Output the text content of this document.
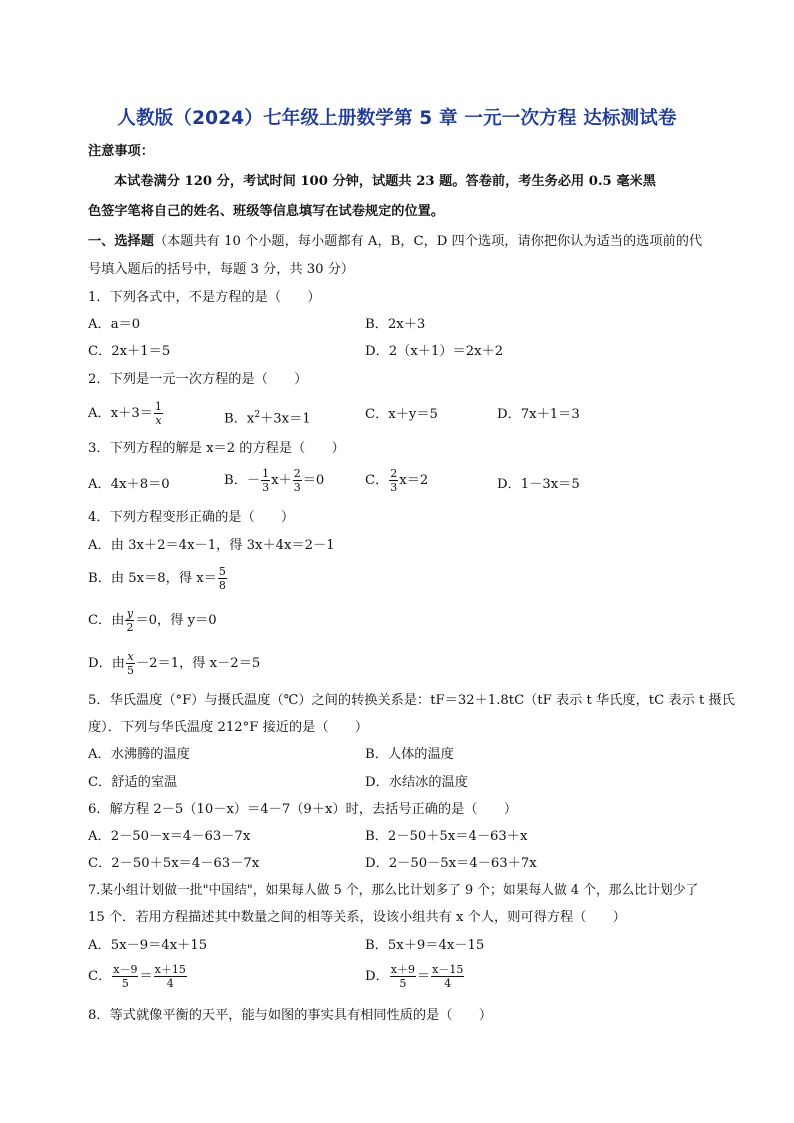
人教版（2024）七年级上册数学第 5 章 一元一次方程 达标测试卷
注意事项：
本试卷满分 120 分，考试时间 100 分钟，试题共 23 题。答卷前，考生务必用 0.5 毫米黑
色签字笔将自己的姓名、班级等信息填写在试卷规定的位置。
一、选择题（本题共有 10 个小题，每小题都有 A，B，C，D 四个选项，请你把你认为适当的选项前的代
号填入题后的括号中，每题 3 分，共 30 分）
1．下列各式中，不是方程的是（　　）
A．a＝0	B．2x＋3
C．2x＋1＝5	D．2（x＋1）＝2x＋2
2．下列是一元一次方程的是（　　）
A．$x+3= \frac{1}{x}$	B．$x^2+3x=1$	C．x＋y＝5	D．7x＋1＝3
3．下列方程的解是 x＝2 的方程是（　　）
A．4x＋8＝0	B．－ $\frac{1}{3} x+ \frac{2}{3} =0$	C． $\frac{2}{3} x=2$	D．1－3x＝5
4．下列方程变形正确的是（　　）
A．由 3x＋2＝4x－1，得 3x＋4x＝2－1
B．由 5x＝8，得 $x= \frac{5}{8}$
C．由 $\frac{y}{2} =0$，得 y＝0
D．由 $\frac{x}{5} -2=1$，得 x－2＝5
5．华氏温度（°F）与摄氏温度（℃）之间的转换关系是：tF＝32＋1.8tC（tF 表示 t 华氏度，tC 表示 t 摄氏
度）．下列与华氏温度 212°F 接近的是（　　）
A．水沸腾的温度	B．人体的温度
C．舒适的室温	D．水结冰的温度
6．解方程 2－5（10－x）＝4－7（9＋x）时，去括号正确的是（　　）
A．2－50－x＝4－63－7x	B．2－50＋5x＝4－63＋x
C．2－50＋5x＝4－63－7x	D．2－50－5x＝4－63＋7x
7.某小组计划做一批"中国结"，如果每人做 5 个，那么比计划多了 9 个；如果每人做 4 个，那么比计划少了
15 个．若用方程描述其中数量之间的相等关系，设该小组共有 x 个人，则可得方程（　　）
A．5x－9＝4x＋15	B．5x＋9＝4x－15
C． $\frac{x-9}{5} = \frac{x+15}{4}$	D． $\frac{x+9}{5} = \frac{x-15}{4}$
8．等式就像平衡的天平，能与如图的事实具有相同性质的是（　　）
